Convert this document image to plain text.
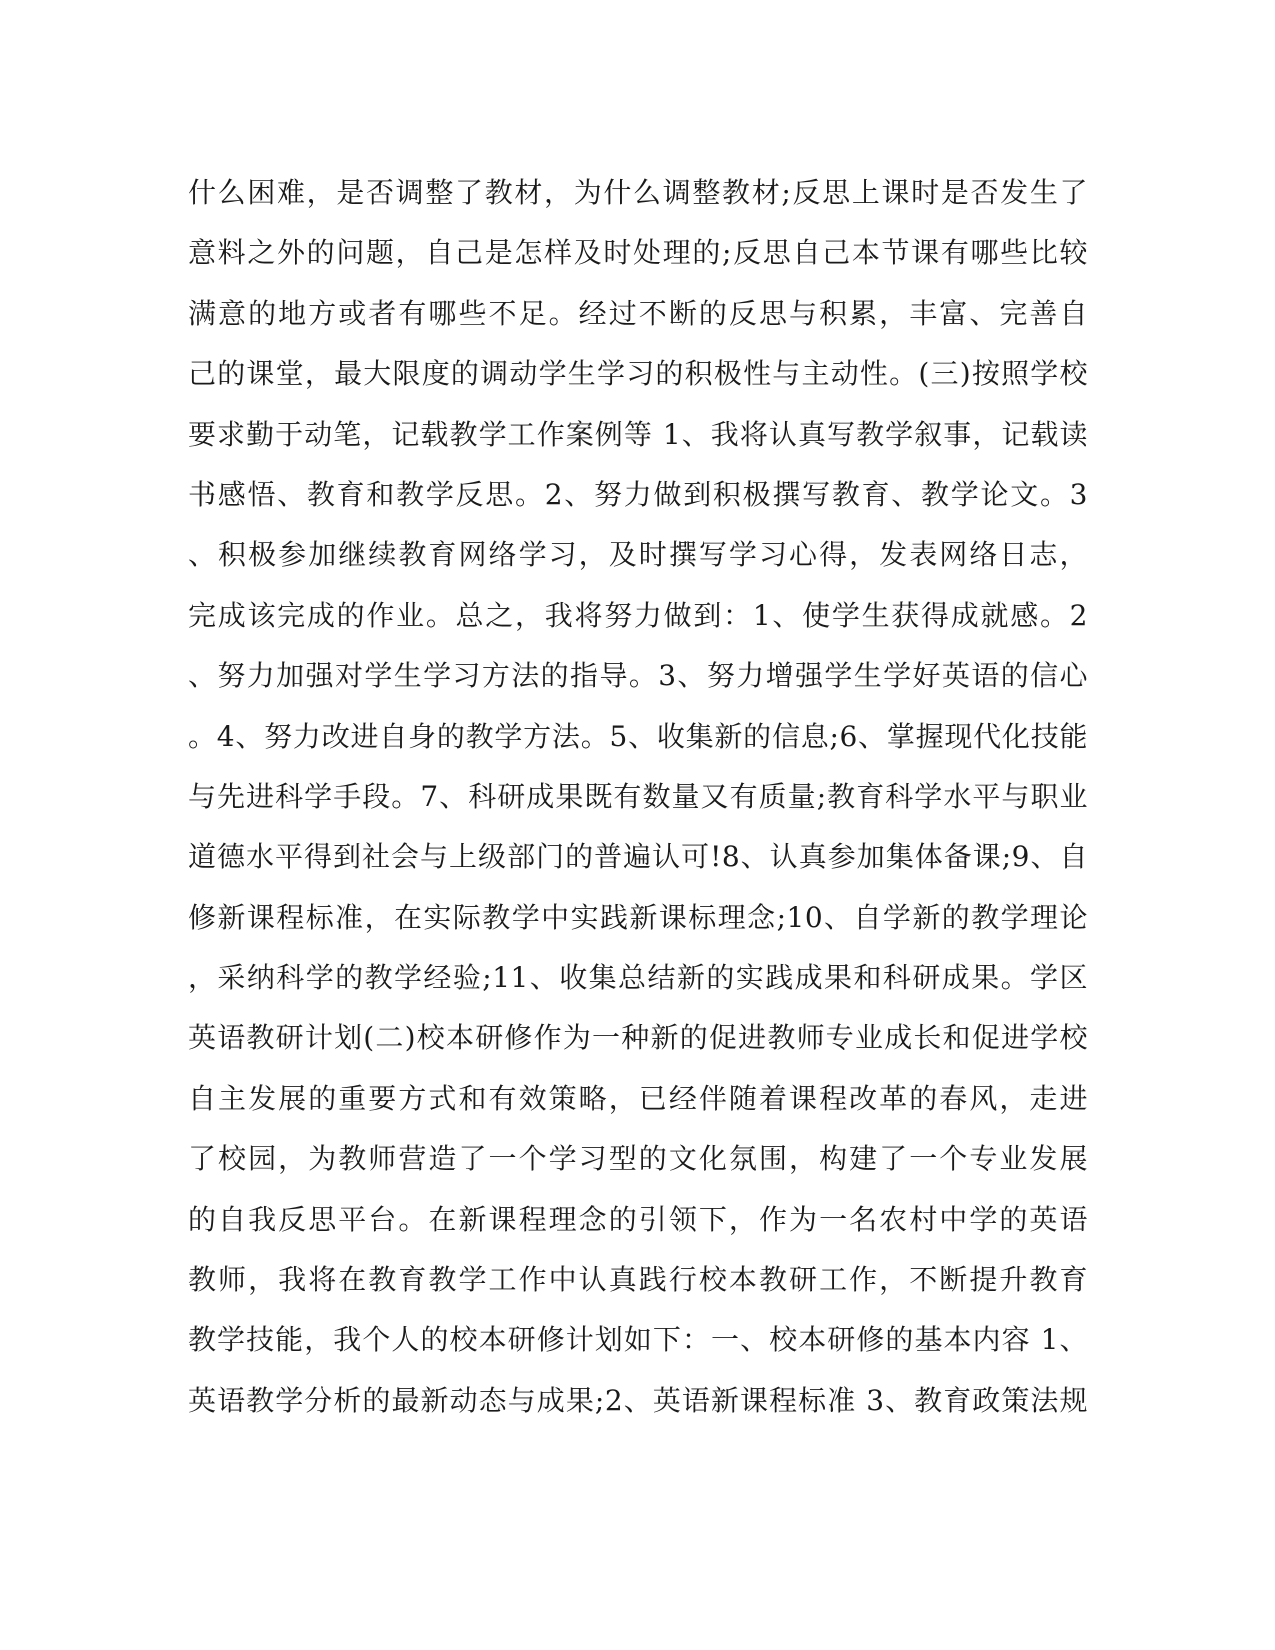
什么困难，是否调整了教材，为什么调整教材;反思上课时是否发生了
意料之外的问题，自己是怎样及时处理的;反思自己本节课有哪些比较
满意的地方或者有哪些不足。经过不断的反思与积累，丰富、完善自
己的课堂，最大限度的调动学生学习的积极性与主动性。(三)按照学校
要求勤于动笔，记载教学工作案例等 1、我将认真写教学叙事，记载读
书感悟、教育和教学反思。2、努力做到积极撰写教育、教学论文。3
、积极参加继续教育网络学习，及时撰写学习心得，发表网络日志，
完成该完成的作业。总之，我将努力做到：1、使学生获得成就感。2
、努力加强对学生学习方法的指导。3、努力增强学生学好英语的信心
。4、努力改进自身的教学方法。5、收集新的信息;6、掌握现代化技能
与先进科学手段。7、科研成果既有数量又有质量;教育科学水平与职业
道德水平得到社会与上级部门的普遍认可!8、认真参加集体备课;9、自
修新课程标准，在实际教学中实践新课标理念;10、自学新的教学理论
，采纳科学的教学经验;11、收集总结新的实践成果和科研成果。学区
英语教研计划(二)校本研修作为一种新的促进教师专业成长和促进学校
自主发展的重要方式和有效策略，已经伴随着课程改革的春风，走进
了校园，为教师营造了一个学习型的文化氛围，构建了一个专业发展
的自我反思平台。在新课程理念的引领下，作为一名农村中学的英语
教师，我将在教育教学工作中认真践行校本教研工作，不断提升教育
教学技能，我个人的校本研修计划如下：一、校本研修的基本内容 1、
英语教学分析的最新动态与成果;2、英语新课程标准 3、教育政策法规
